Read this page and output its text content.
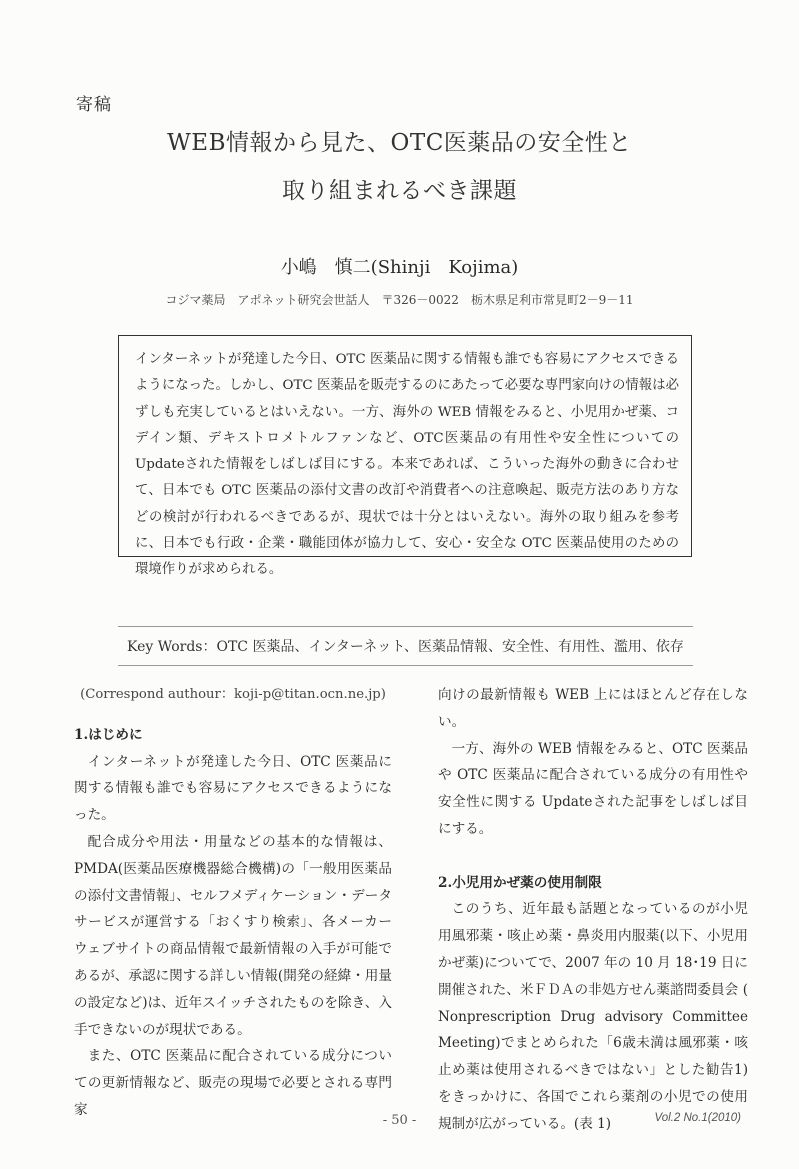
寄稿
WEB情報から見た、OTC医薬品の安全性と
取り組まれるべき課題
小嶋　慎二(Shinji　Kojima)
コジマ薬局　アポネット研究会世話人　〒326－0022　栃木県足利市常見町2－9－11
インターネットが発達した今日、OTC 医薬品に関する情報も誰でも容易にアクセスできるようになった。しかし、OTC 医薬品を販売するのにあたって必要な専門家向けの情報は必ずしも充実しているとはいえない。一方、海外の WEB 情報をみると、小児用かぜ薬、コデイン類、デキストロメトルファンなど、OTC医薬品の有用性や安全性についての Updateされた情報をしばしば目にする。本来であれば、こういった海外の動きに合わせて、日本でも OTC 医薬品の添付文書の改訂や消費者への注意喚起、販売方法のあり方などの検討が行われるべきであるが、現状では十分とはいえない。海外の取り組みを参考に、日本でも行政・企業・職能団体が協力して、安心・安全な OTC 医薬品使用のための環境作りが求められる。
Key Words：OTC 医薬品、インターネット、医薬品情報、安全性、有用性、濫用、依存

(Correspond authour：koji-p@titan.ocn.ne.jp)

1.はじめに

インターネットが発達した今日、OTC 医薬品に関する情報も誰でも容易にアクセスできるようになった。

配合成分や用法・用量などの基本的な情報は、PMDA(医薬品医療機器総合機構)の「一般用医薬品の添付文書情報」、セルフメディケーション・データサービスが運営する「おくすり検索」、各メーカーウェブサイトの商品情報で最新情報の入手が可能であるが、承認に関する詳しい情報(開発の経緯・用量の設定など)は、近年スイッチされたものを除き、入手できないのが現状である。

また、OTC 医薬品に配合されている成分についての更新情報など、販売の現場で必要とされる専門家

向けの最新情報も WEB 上にはほとんど存在しない。

一方、海外の WEB 情報をみると、OTC 医薬品や OTC 医薬品に配合されている成分の有用性や安全性に関する Updateされた記事をしばしば目にする。

2.小児用かぜ薬の使用制限

このうち、近年最も話題となっているのが小児用風邪薬・咳止め薬・鼻炎用内服薬(以下、小児用かぜ薬)についてで、2007 年の 10 月 18･19 日に開催された、米ＦＤＡの非処方せん薬諮問委員会 ( Nonprescription Drug advisory Committee Meeting)でまとめられた「6歳未満は風邪薬・咳止め薬は使用されるべきではない」とした勧告1)をきっかけに、各国でこれら薬剤の小児での使用規制が広がっている。(表 1)

- 50 -	Vol.2 No.1(2010)
